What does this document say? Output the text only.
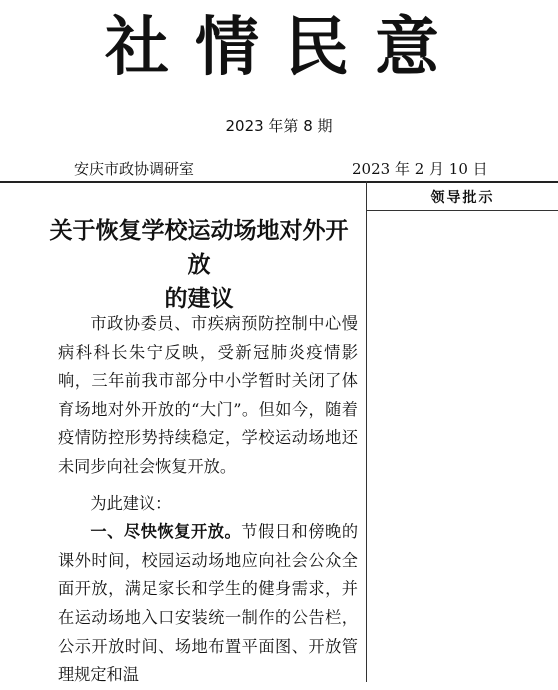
社情民意
2023 年第 8 期
安庆市政协调研室	2023 年 2 月 10 日
领导批示
关于恢复学校运动场地对外开放
的建议

市政协委员、市疾病预防控制中心慢病科科长朱宁反映，受新冠肺炎疫情影响，三年前我市部分中小学暂时关闭了体育场地对外开放的“大门”。但如今，随着疫情防控形势持续稳定，学校运动场地还未同步向社会恢复开放。

为此建议：

一、尽快恢复开放。节假日和傍晚的课外时间，校园运动场地应向社会公众全面开放，满足家长和学生的健身需求，并在运动场地入口安装统一制作的公告栏，公示开放时间、场地布置平面图、开放管理规定和温
